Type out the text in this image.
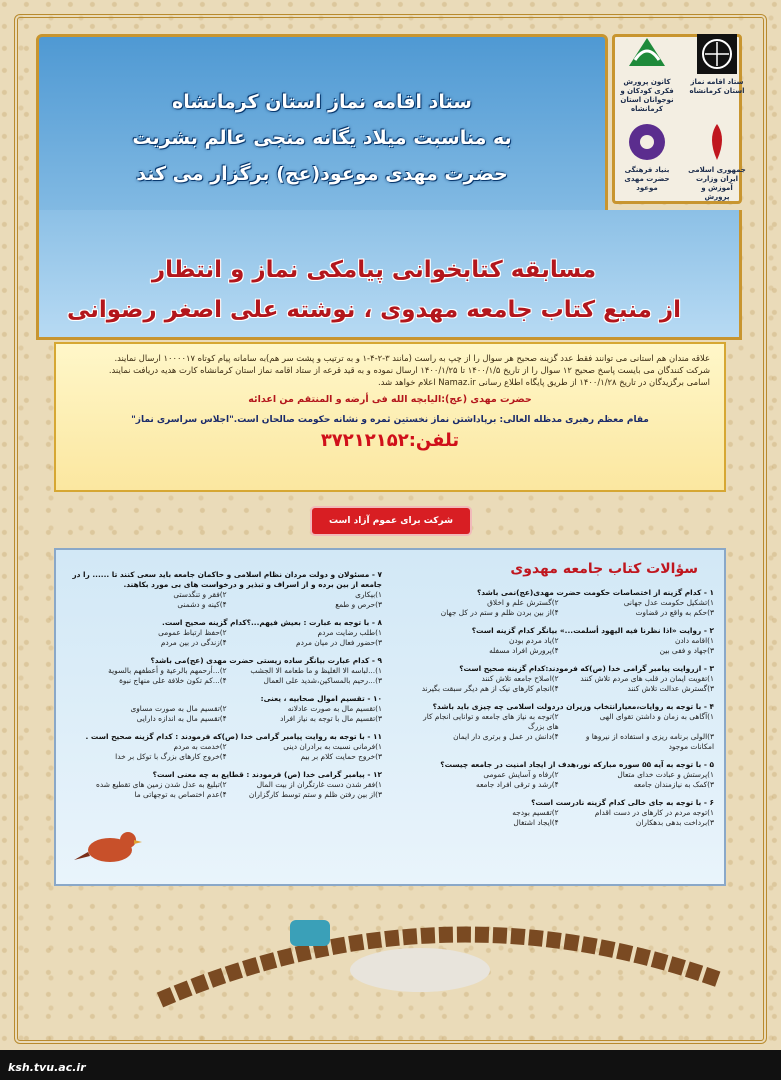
کانون پرورش فکری کودکان و نوجوانان استان کرمانشاه
ستاد اقامه نماز استان کرمانشاه
بنیاد فرهنگی حضرت مهدی موعود
جمهوری اسلامی ایران وزارت آموزش و پرورش
ستاد اقامه نماز استان کرمانشاه
به مناسبت میلاد یگانه منجی عالم بشریت
حضرت مهدی موعود(عج) برگزار می کند
مسابقه کتابخوانی پیامکی نماز و انتظار
از منبع کتاب جامعه مهدوی ، نوشته علی اصغر رضوانی

علاقه مندان هم استانی می توانند فقط عدد گزینه صحیح هر سوال را از چپ به راست (مانند ۳-۲-۴-۱ و به ترتیب و پشت سر هم)به سامانه پیام کوتاه ۱۰۰۰۰۱۷ ارسال نمایند.

شرکت کنندگان می بایست پاسخ صحیح ۱۲ سوال را از تاریخ ۱۴۰۰/۱/۵ تا ۱۴۰۰/۱/۲۵ ارسال نموده و به قید قرعه از ستاد اقامه نماز استان کرمانشاه کارت هدیه دریافت نمایند.

اسامی برگزیدگان در تاریخ ۱۴۰۰/۱/۲۸ از طریق پایگاه اطلاع رسانی Namaz.ir اعلام خواهد شد.

حضرت مهدی (عج):الیابچه الله فی أرضه و المنتقم من اعدائه

مقام معظم رهبری مدظله العالی: برپاداشتن نماز نخستین ثمره و نشانه حکومت صالحان است."اجلاس سراسری نماز"

تلفن:۳۷۲۱۲۱۵۲
شرکت برای عموم آزاد است
سؤالات کتاب جامعه مهدوی
۱ - کدام گزینه از اختصاصات حکومت حضرت مهدی(عج)نمی باشد؟
۱)تشکیل حکومت عدل جهانی
۲)گسترش علم و اخلاق
۳)حکم به واقع در قضاوت
۴)از بین بردن ظلم و ستم در کل جهان
۲ - روایت «اذا نظرنا فیه الیهود أسلمت...» بیانگر کدام گزینه است؟
۱)اقامه دادن
۲)یاد مردم بودن
۳)جهاد و ففی بین
۴)پرورش افراد مسفله
۳ - ازروایت پیامبر گرامی خدا (ص)که فرمودند:کدام گزینه صحیح است؟
۱)تقویت ایمان در قلب های مردم تلاش کنند
۲)اصلاح جامعه تلاش کنند
۳)گسترش عدالت تلاش کنند
۴)انجام کارهای نیک از هم دیگر سبقت بگیرند
۴ - با توجه به روایات،معیارانتخاب وزیران دردولت اسلامی چه چیزی باید باشد؟
۱)آگاهی به زمان و داشتن تقوای الهی
۲)توجه به نیاز های جامعه و توانایی انجام کار های بزرگ
۳)الولی برنامه ریزی و استفاده از نیروها و امکانات موجود
۴)دانش در عمل و برتری دار ایمان
۵ - با توجه به آیه ۵۵ سوره مبارکه نور،هدف از ایجاد امنیت در جامعه چیست؟
۱)پرستش و عبادت خدای متعال
۲)رفاه و آسایش عمومی
۳)کمک به نیازمندان جامعه
۴)رشد و ترقی افراد جامعه
۶ - با توجه به جای خالی کدام گزینه نادرست است؟
۱)توجه مردم در کارهای در دست اقدام
۲)تقسیم بودجه
۳)برداخت بدهی بدهکاران
۴)ایجاد اشتغال
۷ - مسئولان و دولت مردان نظام اسلامی و حاکمان جامعه باید سعی کنند تا ...... را در جامعه از بین برده و از اسراف و تبذیر و درخواست های بی مورد بکاهند.
۱)بیکاری
۲)فقر و تنگدستی
۳)حرص و طمع
۴)کینه و دشمنی
۸ - با توجه به عبارت : بعیش فیهم...؟کدام گزینه صحیح است.
۱)طلب رضایت مردم
۲)حفظ ارتباط عمومی
۳)حضور فعال در میان مردم
۴)زندگی در بین مردم
۹ - کدام عبارت بیانگر ساده زیستی حضرت مهدی (عج)می باشد؟
۱)...لباسه الا الغلیظ و ما طعامه الا الجشب
۲)...أرحمهم بالرعیة و أعطفهم بالسویة
۳)...رحیم بالمساکین،شدید علی العمال
۴)...کم تکون خلافة علی منهاج نبوة
۱۰ - تقسیم اموال صحابیه ، یعنی:
۱)تقسیم مال به صورت عادلانه
۲)تقسیم مال به صورت مساوی
۳)تقسیم مال با توجه به نیاز افراد
۴)تقسیم مال به اندازه دارایی
۱۱ - با توجه به روایت پیامبر گرامی خدا (ص)که فرمودند : کدام گزینه صحیح است .
۱)فرمانی نسبت به برادران دینی
۲)خدمت به مردم
۳)خروج حمایت کلام بر بیم
۴)خروج کارهای بزرگ با توکل بر خدا
۱۲ - پیامبر گرامی خدا (ص) فرمودند : قطایع به چه معنی است؟
۱)فقر شدن دست غارتگران از بیت المال
۲)تبلیغ به عدل شدن زمین های تقطیع شده
۳)از بین رفتن ظلم و ستم توسط کارگزاران
۴)عدم اختصاص به توجهاتی ما
ksh.tvu.ac.ir
